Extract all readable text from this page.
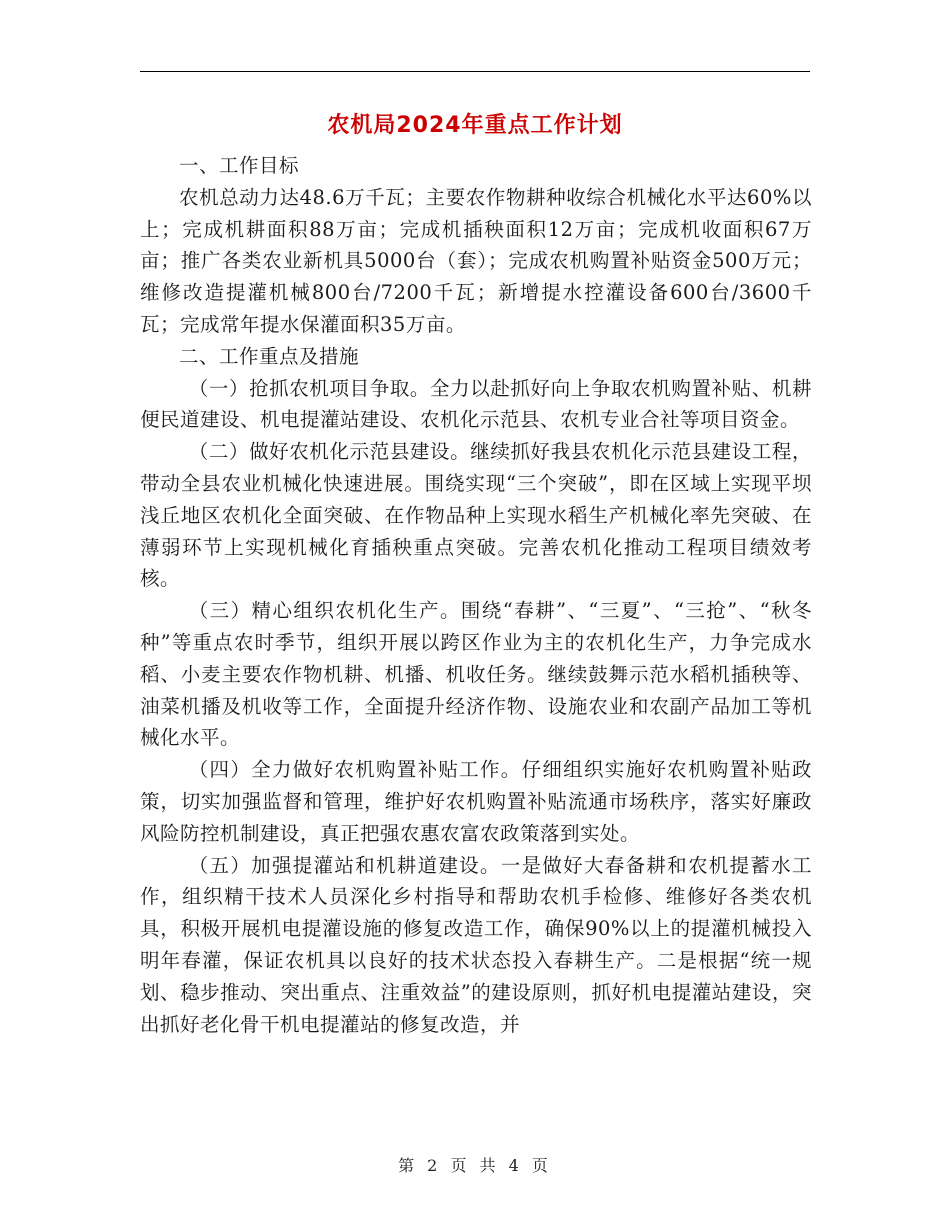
农机局2024年重点工作计划

一、工作目标

农机总动力达48.6万千瓦；主要农作物耕种收综合机械化水平达60%以上；完成机耕面积88万亩；完成机插秧面积12万亩；完成机收面积67万亩；推广各类农业新机具5000台（套）；完成农机购置补贴资金500万元；维修改造提灌机械800台/7200千瓦；新增提水控灌设备600台/3600千瓦；完成常年提水保灌面积35万亩。

二、工作重点及措施

（一）抢抓农机项目争取。全力以赴抓好向上争取农机购置补贴、机耕便民道建设、机电提灌站建设、农机化示范县、农机专业合社等项目资金。

（二）做好农机化示范县建设。继续抓好我县农机化示范县建设工程，带动全县农业机械化快速进展。围绕实现“三个突破”，即在区域上实现平坝浅丘地区农机化全面突破、在作物品种上实现水稻生产机械化率先突破、在薄弱环节上实现机械化育插秧重点突破。完善农机化推动工程项目绩效考核。

（三）精心组织农机化生产。围绕“春耕”、“三夏”、“三抢”、“秋冬种”等重点农时季节，组织开展以跨区作业为主的农机化生产，力争完成水稻、小麦主要农作物机耕、机播、机收任务。继续鼓舞示范水稻机插秧等、油菜机播及机收等工作，全面提升经济作物、设施农业和农副产品加工等机械化水平。

（四）全力做好农机购置补贴工作。仔细组织实施好农机购置补贴政策，切实加强监督和管理，维护好农机购置补贴流通市场秩序，落实好廉政风险防控机制建设，真正把强农惠农富农政策落到实处。

（五）加强提灌站和机耕道建设。一是做好大春备耕和农机提蓄水工作，组织精干技术人员深化乡村指导和帮助农机手检修、维修好各类农机具，积极开展机电提灌设施的修复改造工作，确保90%以上的提灌机械投入明年春灌，保证农机具以良好的技术状态投入春耕生产。二是根据“统一规划、稳步推动、突出重点、注重效益”的建设原则，抓好机电提灌站建设，突出抓好老化骨干机电提灌站的修复改造，并

第 2 页 共 4 页
